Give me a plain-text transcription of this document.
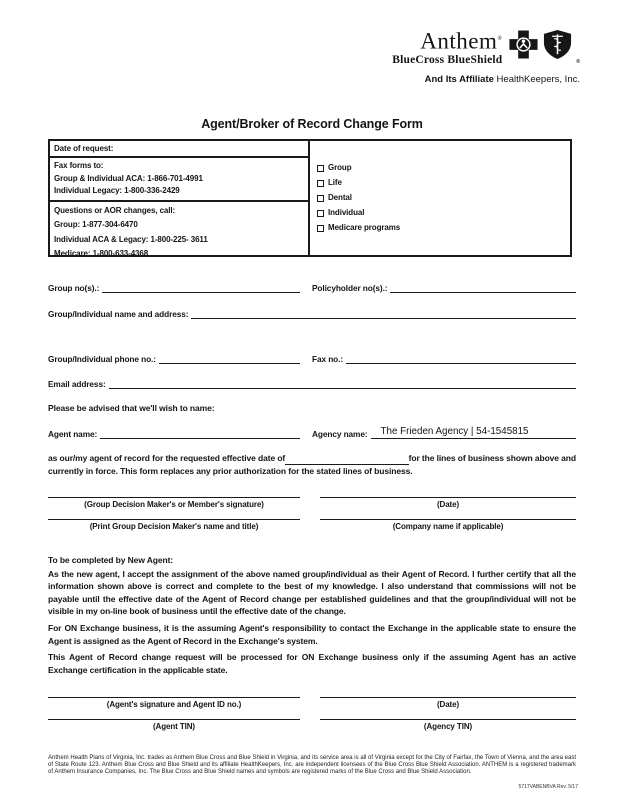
Anthem®
BlueCross BlueShield	®
And Its Affiliate HealthKeepers, Inc.
Agent/Broker of Record Change Form
Date of request:
Fax forms to:
Group & Individual ACA: 1-866-701-4991
Individual Legacy: 1-800-336-2429
Questions or AOR changes, call:
Group: 1-877-304-6470
Individual ACA & Legacy: 1-800-225- 3611
Medicare: 1-800-633-4368
Group
Life
Dental
Individual
Medicare programs
Group no(s).:	Policyholder no(s).:
Group/Individual name and address:
Group/Individual phone no.:	Fax no.:
Email address:
Please be advised that we'll wish to name:
Agent name:	Agency name:	The Frieden Agency | 54-1545815
as our/my agent of record for the requested effective date of	for the lines of business shown above and
currently in force. This form replaces any prior authorization for the stated lines of business.
(Group Decision Maker's or Member's signature)	(Date)
(Print Group Decision Maker's name and title)	(Company name if applicable)
To be completed by New Agent:

As the new agent, I accept the assignment of the above named group/individual as their Agent of Record. I further certify that all the information shown above is correct and complete to the best of my knowledge. I also understand that commissions will not be payable until the effective date of the Agent of Record change per established guidelines and that the group/individual will not be visible in my on-line book of business until the effective date of the change.

For ON Exchange business, it is the assuming Agent's responsibility to contact the Exchange in the applicable state to ensure the Agent is assigned as the Agent of Record in the Exchange's system.

This Agent of Record change request will be processed for ON Exchange business only if the assuming Agent has an active Exchange certification in the applicable state.

(Agent's signature and Agent ID no.)	(Date)
(Agent TIN)	(Agency TIN)
Anthem Health Plans of Virginia, Inc. trades as Anthem Blue Cross and Blue Shield in Virginia, and its service area is all of Virginia except for the City of Fairfax, the Town of Vienna, and the area east of State Route 123. Anthem Blue Cross and Blue Shield and its affiliate HealthKeepers, Inc. are independent licensees of the Blue Cross Blue Shield Association. ANTHEM is a registered trademark of Anthem Insurance Companies, Inc. The Blue Cross and Blue Shield names and symbols are registered marks of the Blue Cross and Blue Shield Association.
5717VABENBVA Rev. 5/17
